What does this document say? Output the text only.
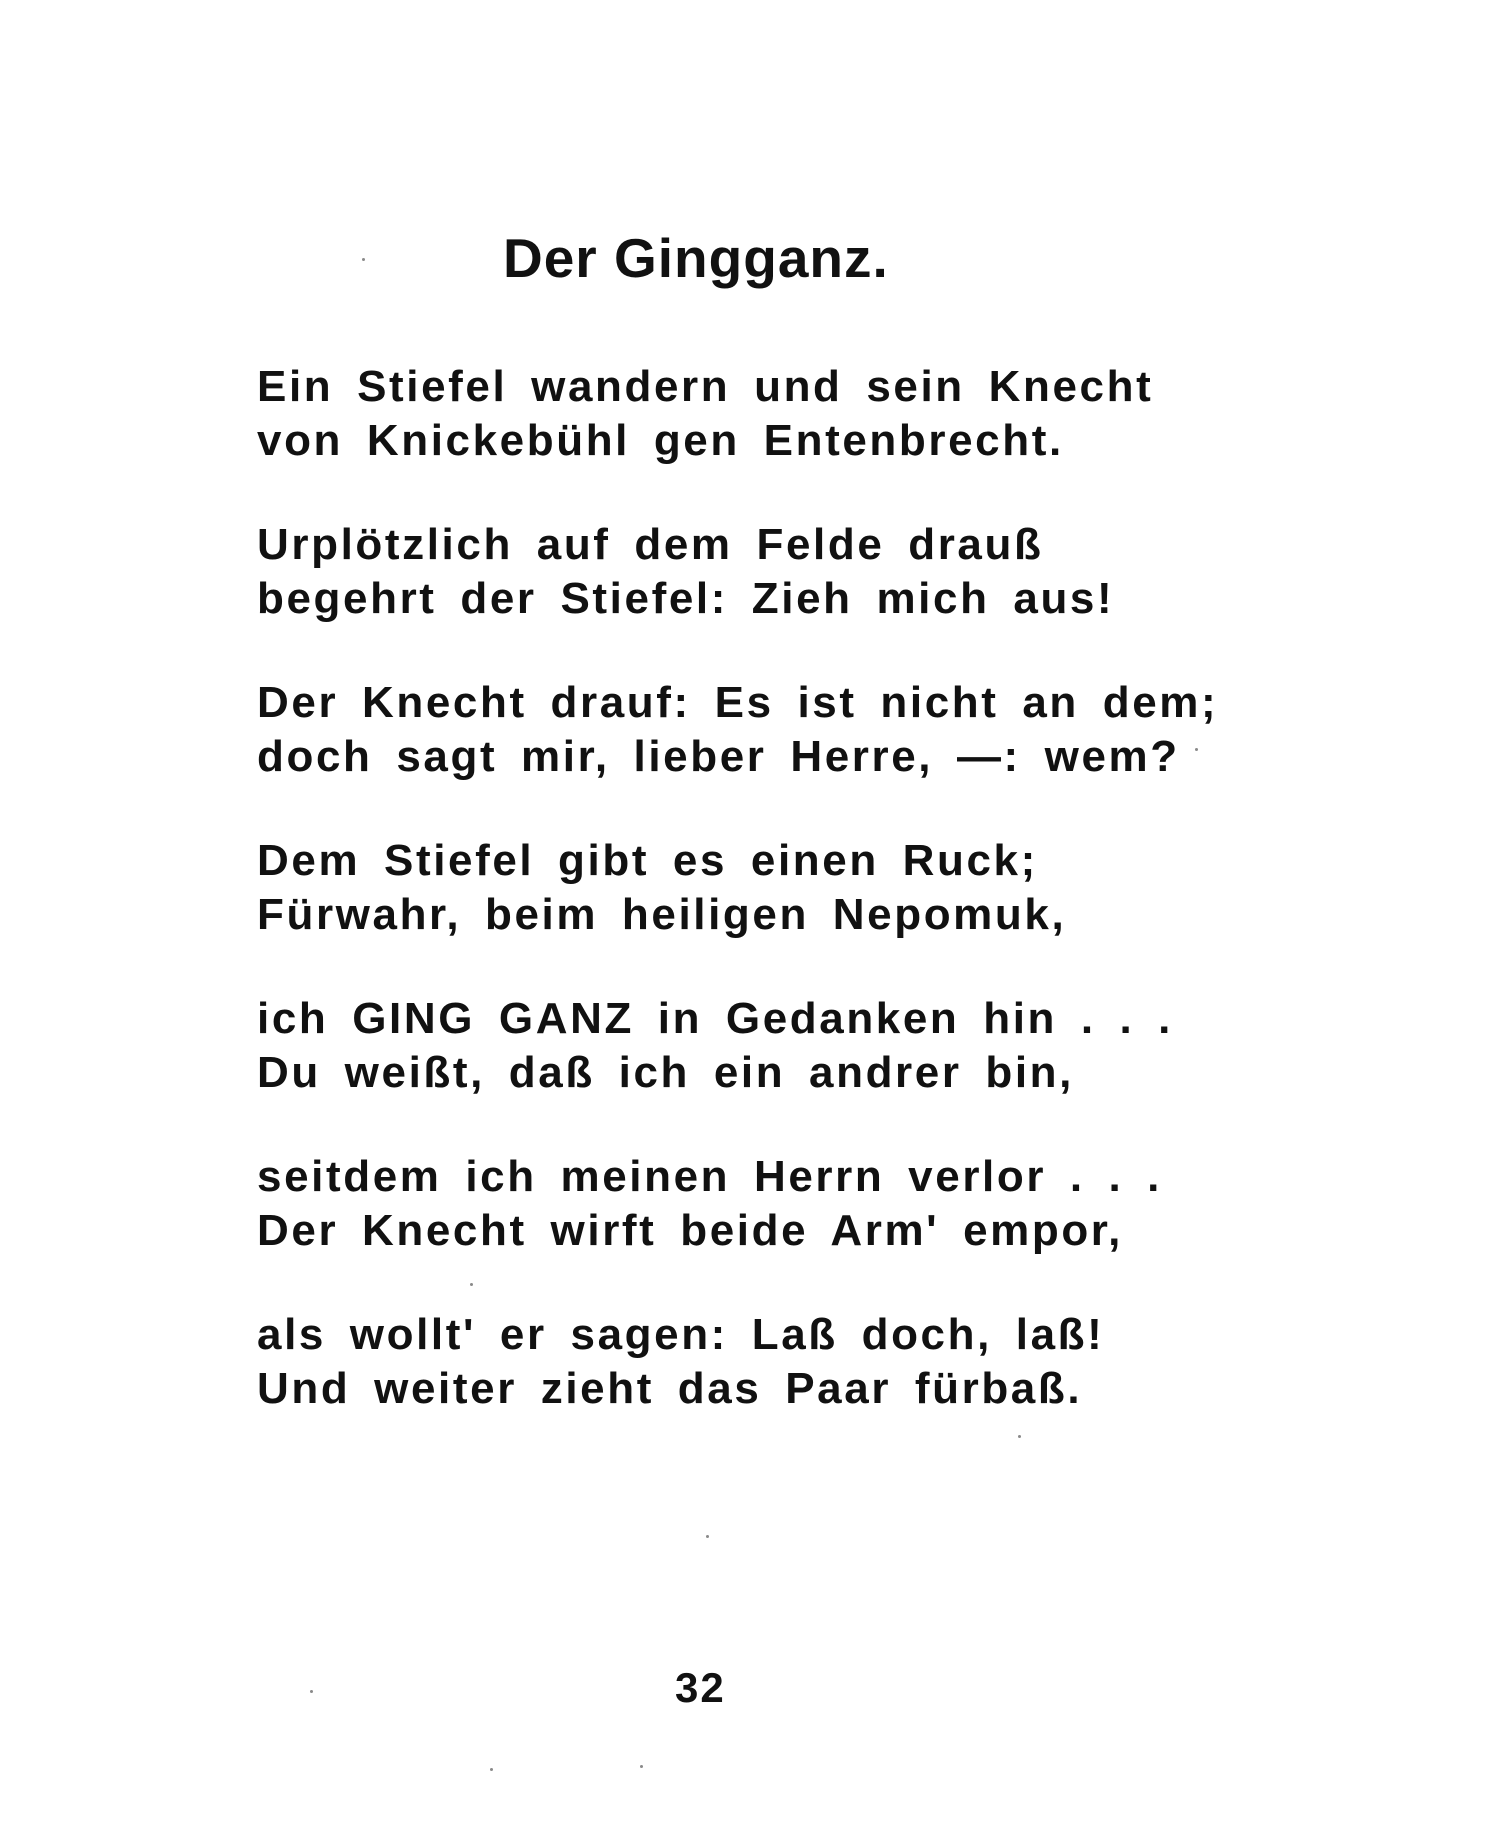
Der Gingganz.
Ein Stiefel wandern und sein Knecht
von Knickebühl gen Entenbrecht.
Urplötzlich auf dem Felde drauß
begehrt der Stiefel: Zieh mich aus!
Der Knecht drauf: Es ist nicht an dem;
doch sagt mir, lieber Herre, —: wem?
Dem Stiefel gibt es einen Ruck;
Fürwahr, beim heiligen Nepomuk,
ich GING GANZ in Gedanken hin . . .
Du weißt, daß ich ein andrer bin,
seitdem ich meinen Herrn verlor . . .
Der Knecht wirft beide Arm' empor,
als wollt' er sagen: Laß doch, laß!
Und weiter zieht das Paar fürbaß.

32
